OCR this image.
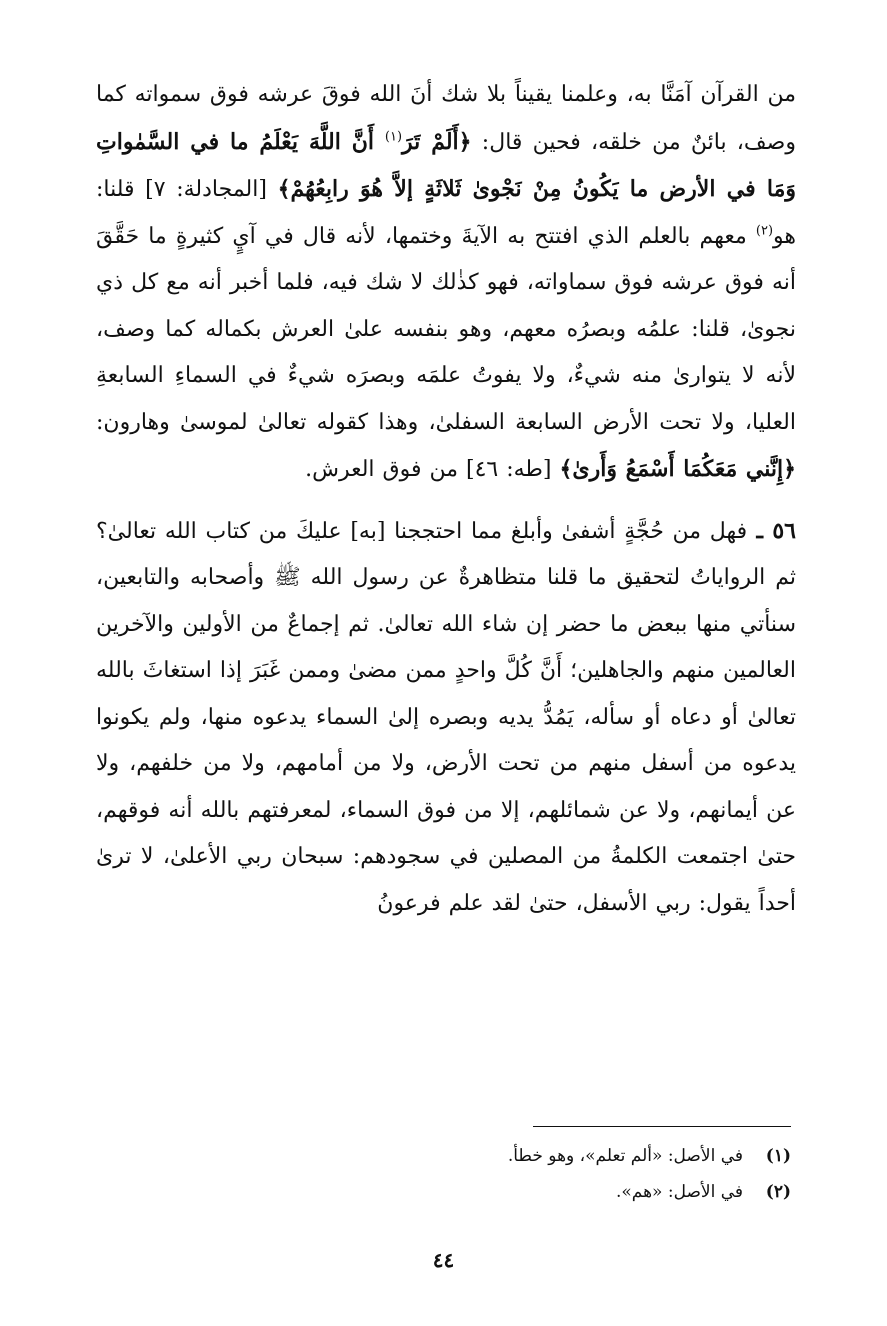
من القرآن آمَنَّا به، وعلمنا يقيناً بلا شك أنَ الله فوقَ عرشه فوق سمواته كما وصف، بائنٌ من خلقه، فحين قال: ﴿أَلَمْ تَرَ$^{(١)}$ أَنَّ اللَّهَ يَعْلَمُ ما في السَّمٰواتِ وَمَا في الأرض ما يَكُونُ مِنْ نَجْوىٰ ثَلاثَةٍ إلاَّ هُوَ رابِعُهُمْ﴾ [المجادلة: ٧] قلنا: هو$^{(٢)}$ معهم بالعلم الذي افتتح به الآيةَ وختمها، لأنه قال في آيٍ كثيرةٍ ما حَقَّقَ أنه فوق عرشه فوق سماواته، فهو كذٰلك لا شك فيه، فلما أخبر أنه مع كل ذي نجوىٰ، قلنا: علمُه وبصرُه معهم، وهو بنفسه علىٰ العرش بكماله كما وصف، لأنه لا يتوارىٰ منه شيءٌ، ولا يفوتُ علمَه وبصرَه شيءٌ في السماءِ السابعةِ العليا، ولا تحت الأرض السابعة السفلىٰ، وهذا كقوله تعالىٰ لموسىٰ وهارون: ﴿إِنَّني مَعَكُمَا أَسْمَعُ وَأَرىٰ﴾ [طه: ٤٦] من فوق العرش.

٥٦ ـ فهل من حُجَّةٍ أشفىٰ وأبلغ مما احتججنا [به] عليكَ من كتاب الله تعالىٰ؟ ثم الرواياتُ لتحقيق ما قلنا متظاهرةٌ عن رسول الله ﷺ وأصحابه والتابعين، سنأتي منها ببعض ما حضر إن شاء الله تعالىٰ. ثم إجماعٌ من الأولين والآخرين العالمين منهم والجاهلين؛ أَنَّ كُلَّ واحدٍ ممن مضىٰ وممن غَبَرَ إذا استغاثَ بالله تعالىٰ أو دعاه أو سأله، يَمُدُّ يديه وبصره إلىٰ السماء يدعوه منها، ولم يكونوا يدعوه من أسفل منهم من تحت الأرض، ولا من أمامهم، ولا من خلفهم، ولا عن أيمانهم، ولا عن شمائلهم، إلا من فوق السماء، لمعرفتهم بالله أنه فوقهم، حتىٰ اجتمعت الكلمةُ من المصلين في سجودهم: سبحان ربي الأعلىٰ، لا ترىٰ أحداً يقول: ربي الأسفل، حتىٰ لقد علم فرعونُ

(١)في الأصل: «ألم تعلم»، وهو خطأ.
(٢)في الأصل: «هم».
٤٤
